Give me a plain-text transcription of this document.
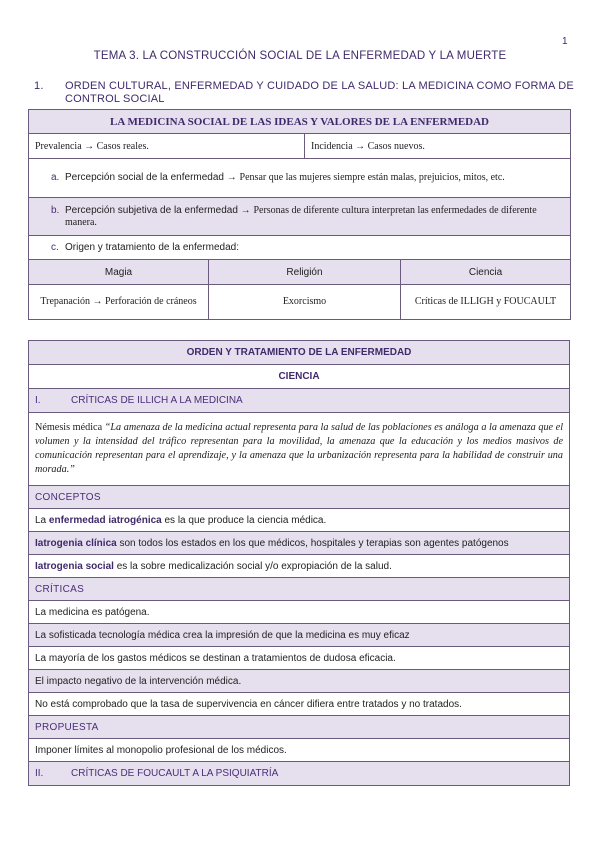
1
TEMA 3. LA CONSTRUCCIÓN SOCIAL DE LA ENFERMEDAD Y LA MUERTE
1.	ORDEN CULTURAL, ENFERMEDAD Y CUIDADO DE LA SALUD: LA MEDICINA COMO FORMA DE CONTROL SOCIAL
LA MEDICINA SOCIAL DE LAS IDEAS Y VALORES DE LA ENFERMEDAD			
Prevalencia → Casos reales.		Incidencia → Casos nuevos.	

a. Percepción social de la enfermedad → Pensar que las mujeres siempre están malas, prejuicios, mitos, etc.			

b. Percepción subjetiva de la enfermedad → Personas de diferente cultura interpretan las enfermedades de diferente manera.			

c. Origen y tratamiento de la enfermedad:			
Magia	Religión		Ciencia
Trepanación → Perforación de cráneos	Exorcismo		Críticas de ILLIGH y FOUCAULT
ORDEN Y TRATAMIENTO DE LA ENFERMEDAD
CIENCIA
I.	CRÍTICAS DE ILLICH A LA MEDICINA
Némesis médica “La amenaza de la medicina actual representa para la salud de las poblaciones es análoga a la amenaza que el volumen y la intensidad del tráfico representan para la movilidad, la amenaza que la educación y los medios masivos de comunicación representan para el aprendizaje, y la amenaza que la urbanización representa para la habilidad de construir una morada.”
CONCEPTOS
La enfermedad iatrogénica es la que produce la ciencia médica.
Iatrogenia clínica son todos los estados en los que médicos, hospitales y terapias son agentes patógenos
Iatrogenia social es la sobre medicalización social y/o expropiación de la salud.
CRÍTICAS
La medicina es patógena.
La sofisticada tecnología médica crea la impresión de que la medicina es muy eficaz
La mayoría de los gastos médicos se destinan a tratamientos de dudosa eficacia.
El impacto negativo de la intervención médica.
No está comprobado que la tasa de supervivencia en cáncer difiera entre tratados y no tratados.
PROPUESTA
Imponer límites al monopolio profesional de los médicos.
II.	CRÍTICAS DE FOUCAULT A LA PSIQUIATRÍA
